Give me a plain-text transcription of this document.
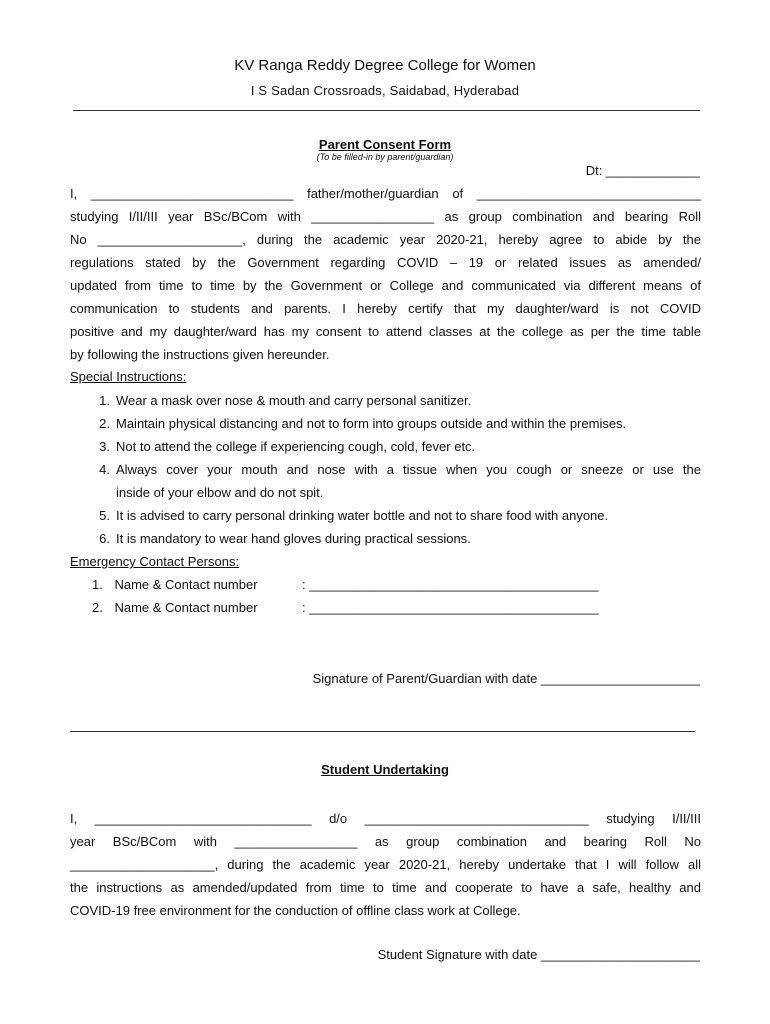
KV Ranga Reddy Degree College for Women
I S Sadan Crossroads, Saidabad, Hyderabad
Parent Consent Form
(To be filled-in by parent/guardian)
Dt: _____________
I, ____________________________ father/mother/guardian of _______________________________
studying I/II/III year BSc/BCom with _________________ as group combination and bearing Roll
No ____________________, during the academic year 2020-21, hereby agree to abide by the
regulations stated by the Government regarding COVID – 19 or related issues as amended/
updated from time to time by the Government or College and communicated via different means of
communication to students and parents. I hereby certify that my daughter/ward is not COVID
positive and my daughter/ward has my consent to attend classes at the college as per the time table
by following the instructions given hereunder.
Special Instructions:
1. Wear a mask over nose & mouth and carry personal sanitizer.
2. Maintain physical distancing and not to form into groups outside and within the premises.
3. Not to attend the college if experiencing cough, cold, fever etc.
4. Always cover your mouth and nose with a tissue when you cough or sneeze or use the
inside of your elbow and do not spit.
5. It is advised to carry personal drinking water bottle and not to share food with anyone.
6. It is mandatory to wear hand gloves during practical sessions.
Emergency Contact Persons:
1. Name & Contact number	: ________________________________________
2. Name & Contact number	: ________________________________________
Signature of Parent/Guardian with date ______________________
Student Undertaking
I, ______________________________ d/o _______________________________ studying I/II/III
year BSc/BCom with _________________ as group combination and bearing Roll No
____________________, during the academic year 2020-21, hereby undertake that I will follow all
the instructions as amended/updated from time to time and cooperate to have a safe, healthy and
COVID-19 free environment for the conduction of offline class work at College.
Student Signature with date ______________________
